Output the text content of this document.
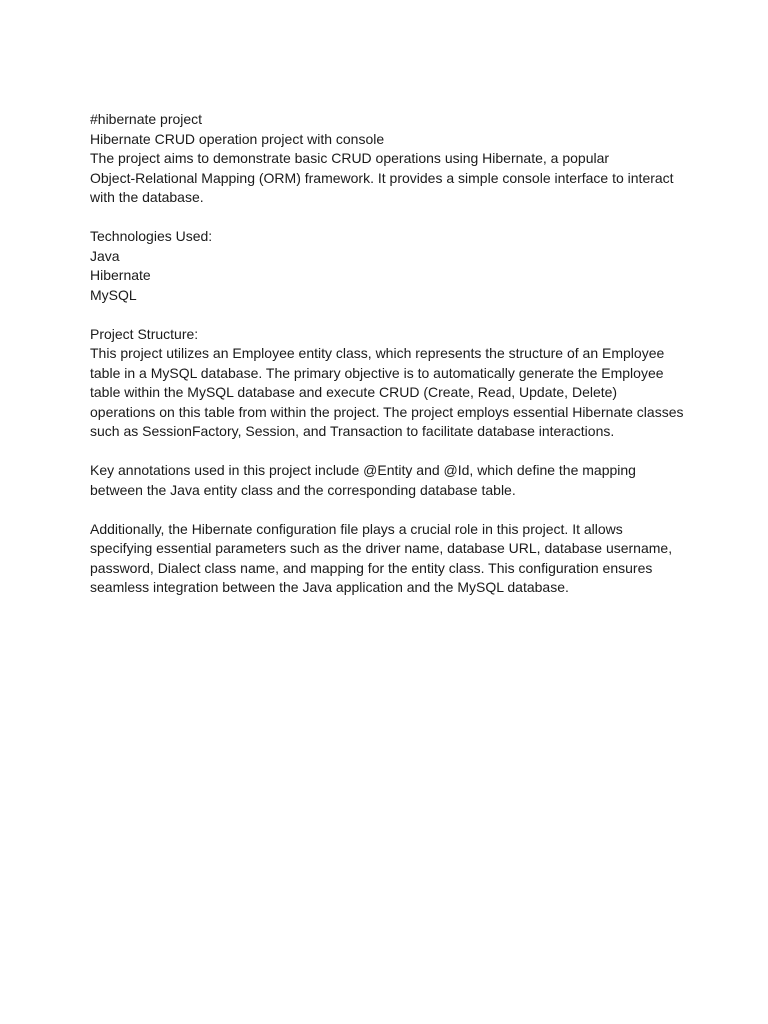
#hibernate project
Hibernate CRUD operation project with console
The project aims to demonstrate basic CRUD operations using Hibernate, a popular
Object-Relational Mapping (ORM) framework. It provides a simple console interface to interact
with the database.
Technologies Used:
Java
Hibernate
MySQL
Project Structure:
This project utilizes an Employee entity class, which represents the structure of an Employee
table in a MySQL database. The primary objective is to automatically generate the Employee
table within the MySQL database and execute CRUD (Create, Read, Update, Delete)
operations on this table from within the project. The project employs essential Hibernate classes
such as SessionFactory, Session, and Transaction to facilitate database interactions.
Key annotations used in this project include @Entity and @Id, which define the mapping
between the Java entity class and the corresponding database table.
Additionally, the Hibernate configuration file plays a crucial role in this project. It allows
specifying essential parameters such as the driver name, database URL, database username,
password, Dialect class name, and mapping for the entity class. This configuration ensures
seamless integration between the Java application and the MySQL database.
